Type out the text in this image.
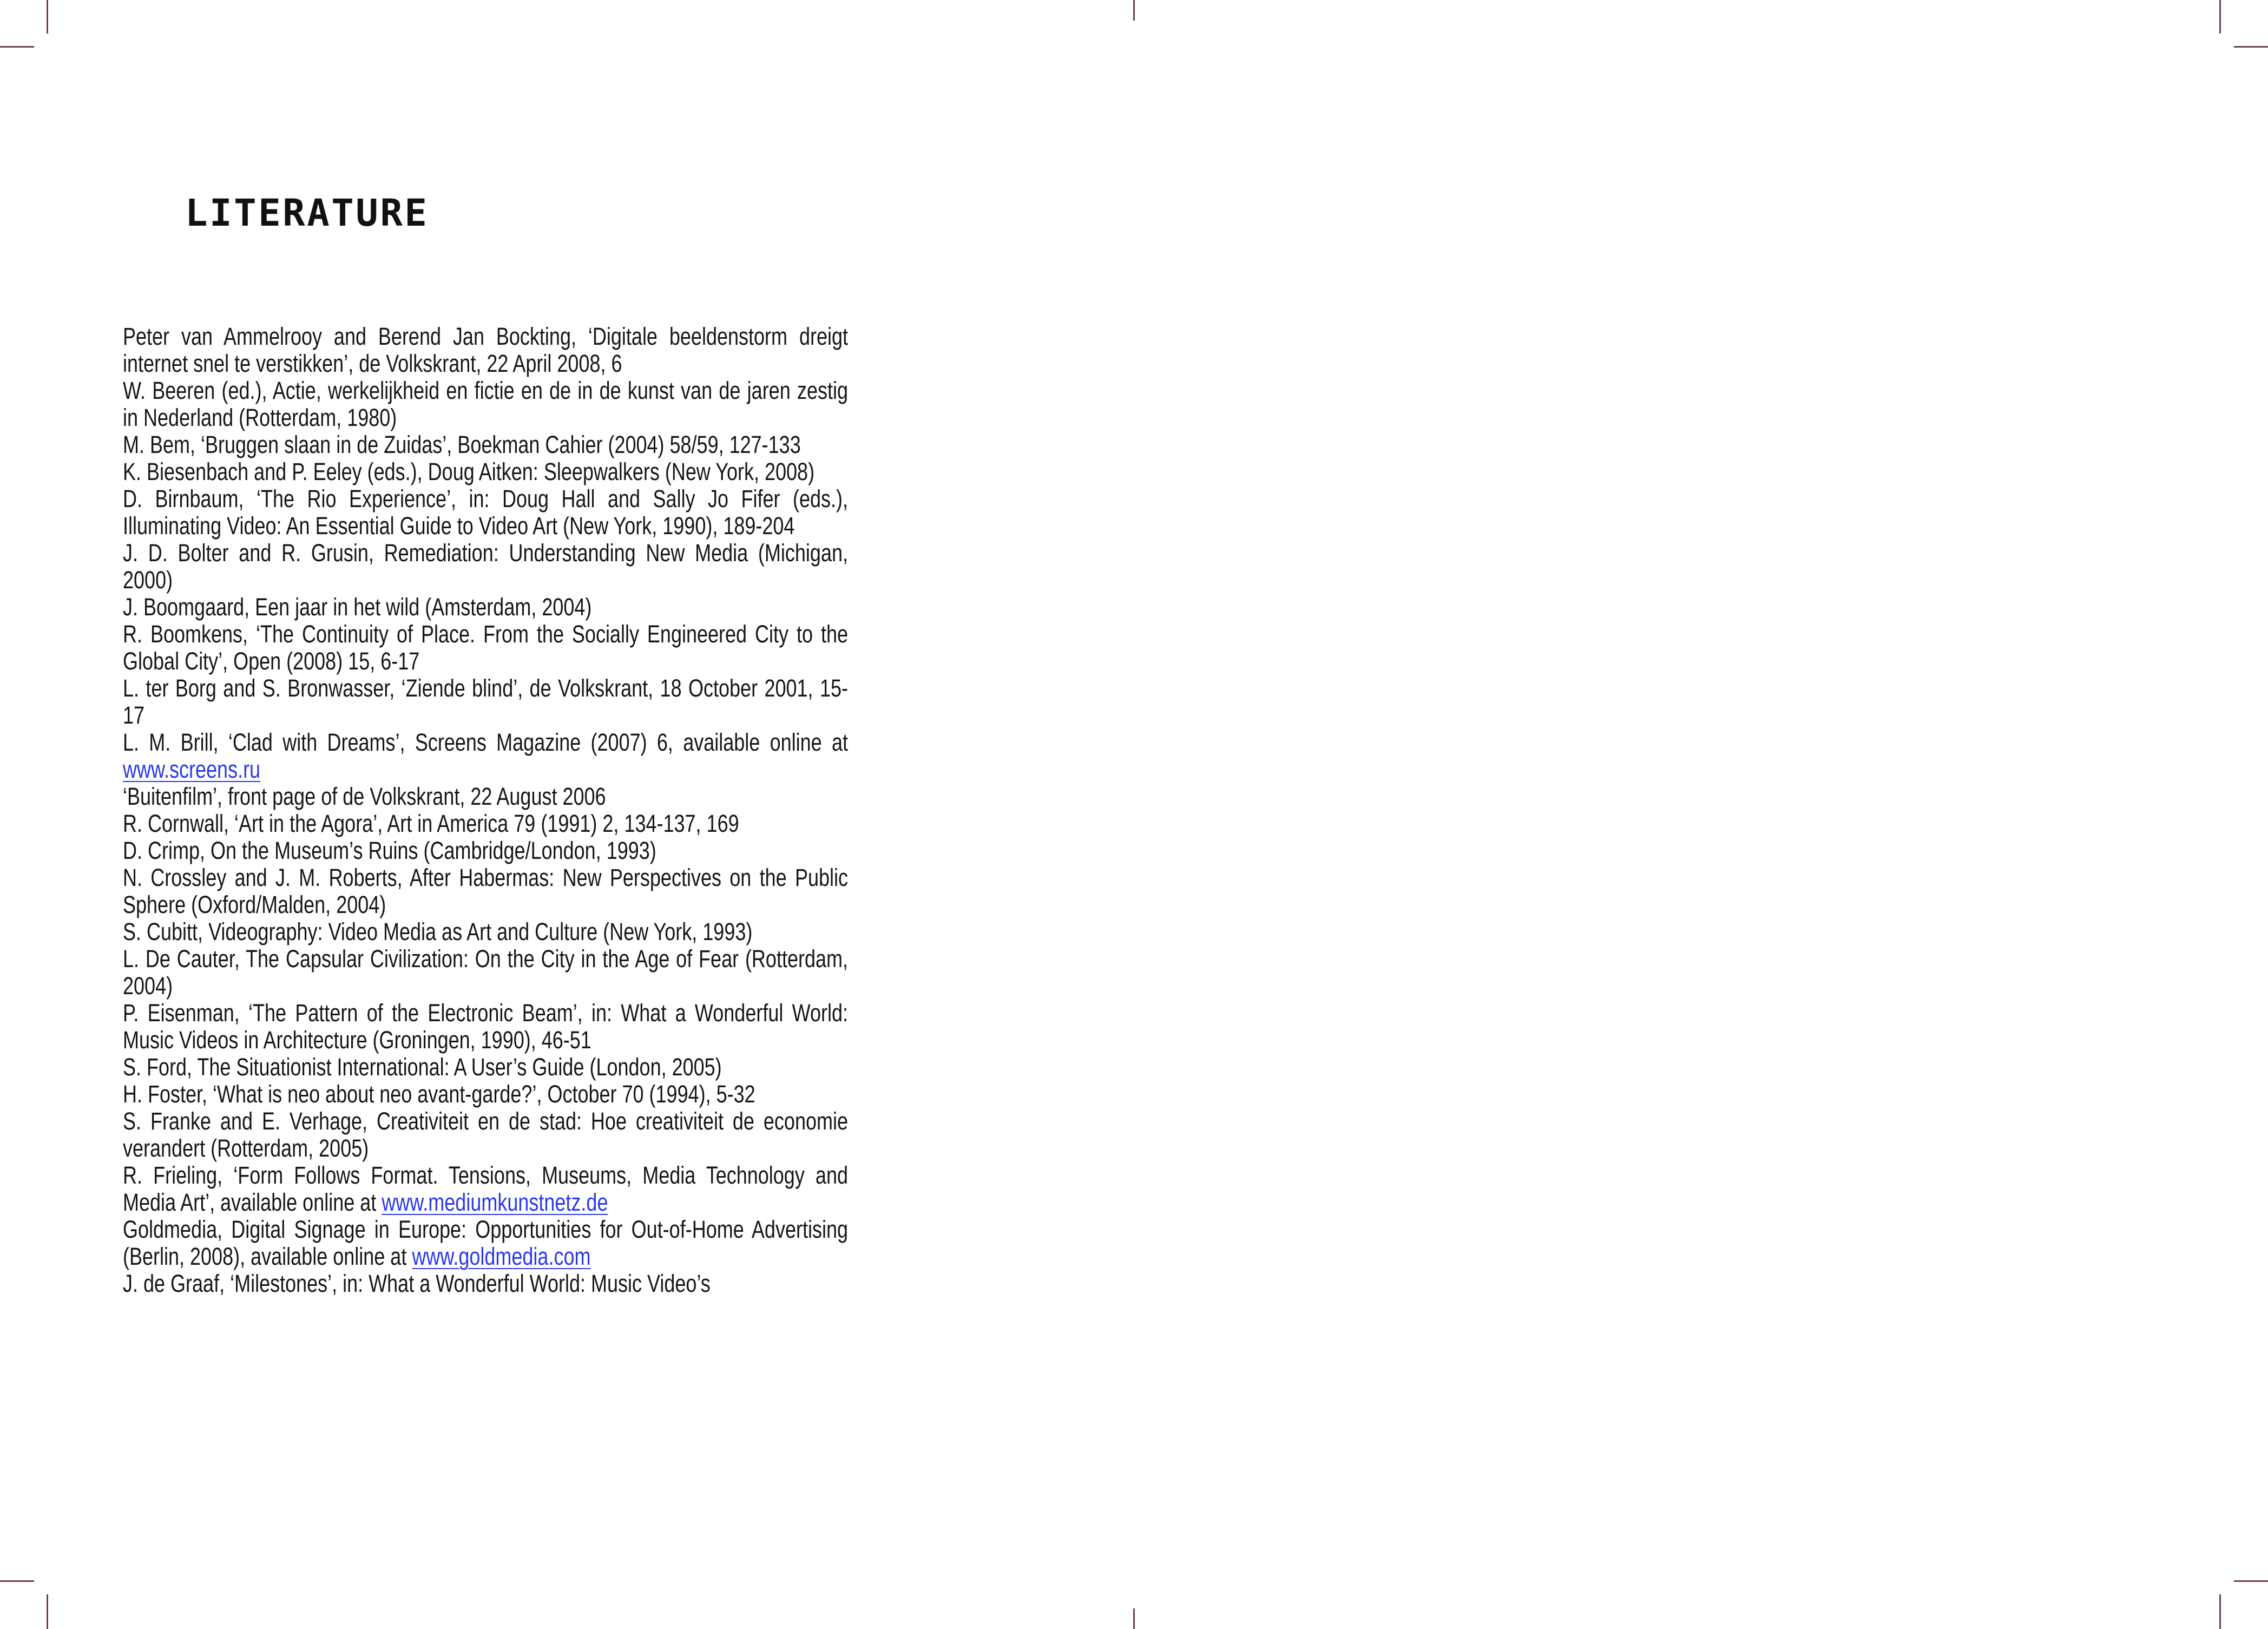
LITERATURE

Peter van Ammelrooy and Berend Jan Bockting, ‘Digitale beeldenstorm dreigt internet snel te verstikken’, de Volkskrant, 22 April 2008, 6

W. Beeren (ed.), Actie, werkelijkheid en fictie en de in de kunst van de jaren zestig in Nederland (Rotterdam, 1980)

M. Bem, ‘Bruggen slaan in de Zuidas’, Boekman Cahier (2004) 58/59, 127-133

K. Biesenbach and P. Eeley (eds.), Doug Aitken: Sleepwalkers (New York, 2008)

D. Birnbaum, ‘The Rio Experience’, in: Doug Hall and Sally Jo Fifer (eds.), Illuminating Video: An Essential Guide to Video Art (New York, 1990), 189-204

J. D. Bolter and R. Grusin, Remediation: Understanding New Media (Michigan, 2000)

J. Boomgaard, Een jaar in het wild (Amsterdam, 2004)

R. Boomkens, ‘The Continuity of Place. From the Socially Engineered City to the Global City’, Open (2008) 15, 6-17

L. ter Borg and S. Bronwasser, ‘Ziende blind’, de Volkskrant, 18 October 2001, 15-17

L. M. Brill, ‘Clad with Dreams’, Screens Magazine (2007) 6, available online at www.screens.ru

‘Buitenfilm’, front page of de Volkskrant, 22 August 2006

R. Cornwall, ‘Art in the Agora’, Art in America 79 (1991) 2, 134-137, 169

D. Crimp, On the Museum’s Ruins (Cambridge/London, 1993)

N. Crossley and J. M. Roberts, After Habermas: New Perspectives on the Public Sphere (Oxford/Malden, 2004)

S. Cubitt, Videography: Video Media as Art and Culture (New York, 1993)

L. De Cauter, The Capsular Civilization: On the City in the Age of Fear (Rotterdam, 2004)

P. Eisenman, ‘The Pattern of the Electronic Beam’, in: What a Wonderful World: Music Videos in Architecture (Groningen, 1990), 46-51

S. Ford, The Situationist International: A User’s Guide (London, 2005)

H. Foster, ‘What is neo about neo avant-garde?’, October 70 (1994), 5-32

S. Franke and E. Verhage, Creativiteit en de stad: Hoe creativiteit de economie verandert (Rotterdam, 2005)

R. Frieling, ‘Form Follows Format. Tensions, Museums, Media Technology and Media Art’, available online at www.mediumkunstnetz.de

Goldmedia, Digital Signage in Europe: Opportunities for Out-of-Home Advertising (Berlin, 2008), available online at www.goldmedia.com

J. de Graaf, ‘Milestones’, in: What a Wonderful World: Music Video’s
